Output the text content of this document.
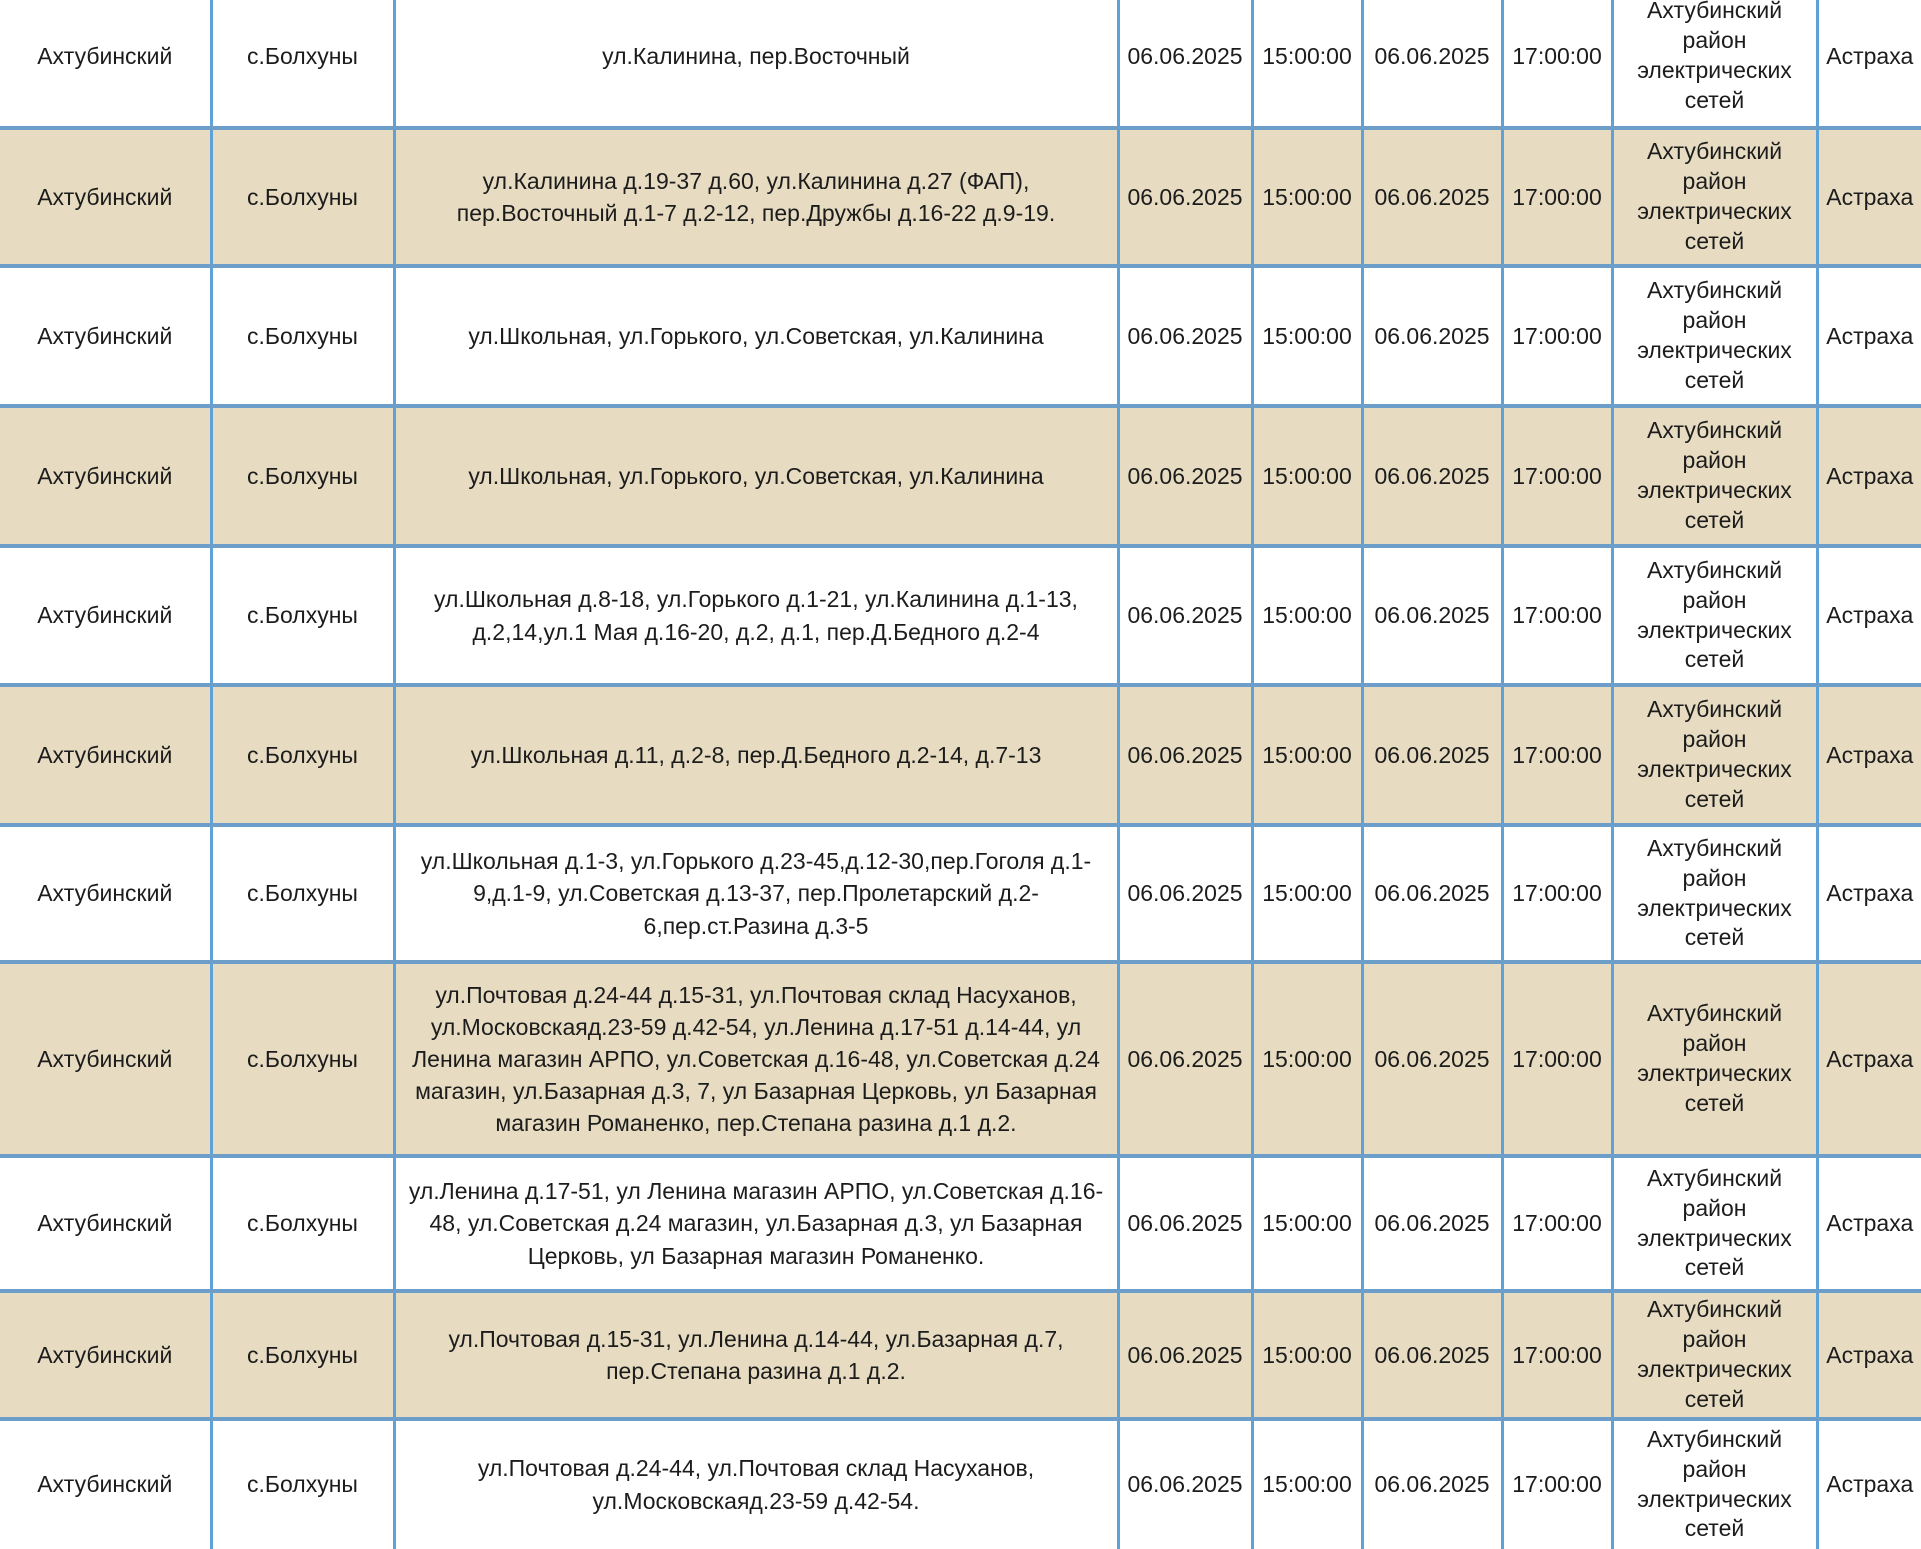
Ахтубинский	с.Болхуны	ул.Калинина, пер.Восточный	06.06.2025	15:00:00	06.06.2025	17:00:00	Ахтубинский район электрических сетей	Астраха
Ахтубинский	с.Болхуны	ул.Калинина д.19-37 д.60, ул.Калинина д.27 (ФАП), пер.Восточный д.1-7 д.2-12, пер.Дружбы д.16-22 д.9-19.	06.06.2025	15:00:00	06.06.2025	17:00:00	Ахтубинский район электрических сетей	Астраха
Ахтубинский	с.Болхуны	ул.Школьная, ул.Горького, ул.Советская, ул.Калинина	06.06.2025	15:00:00	06.06.2025	17:00:00	Ахтубинский район электрических сетей	Астраха
Ахтубинский	с.Болхуны	ул.Школьная, ул.Горького, ул.Советская, ул.Калинина	06.06.2025	15:00:00	06.06.2025	17:00:00	Ахтубинский район электрических сетей	Астраха
Ахтубинский	с.Болхуны	ул.Школьная д.8-18, ул.Горького д.1-21, ул.Калинина д.1-13, д.2,14,ул.1 Мая д.16-20, д.2, д.1, пер.Д.Бедного д.2-4	06.06.2025	15:00:00	06.06.2025	17:00:00	Ахтубинский район электрических сетей	Астраха
Ахтубинский	с.Болхуны	ул.Школьная д.11, д.2-8, пер.Д.Бедного д.2-14, д.7-13	06.06.2025	15:00:00	06.06.2025	17:00:00	Ахтубинский район электрических сетей	Астраха
Ахтубинский	с.Болхуны	ул.Школьная д.1-3, ул.Горького д.23-45,д.12-30,пер.Гоголя д.1-9,д.1-9, ул.Советская д.13-37, пер.Пролетарский д.2-6,пер.ст.Разина д.3-5	06.06.2025	15:00:00	06.06.2025	17:00:00	Ахтубинский район электрических сетей	Астраха
Ахтубинский	с.Болхуны	ул.Почтовая д.24-44 д.15-31, ул.Почтовая склад Насуханов, ул.Московскаяд.23-59 д.42-54, ул.Ленина д.17-51 д.14-44, ул Ленина магазин АРПО, ул.Советская д.16-48, ул.Советская д.24 магазин, ул.Базарная д.3, 7, ул Базарная Церковь, ул Базарная магазин Романенко, пер.Степана разина д.1 д.2.	06.06.2025	15:00:00	06.06.2025	17:00:00	Ахтубинский район электрических сетей	Астраха
Ахтубинский	с.Болхуны	ул.Ленина д.17-51, ул Ленина магазин АРПО, ул.Советская д.16-48, ул.Советская д.24 магазин, ул.Базарная д.3, ул Базарная Церковь, ул Базарная магазин Романенко.	06.06.2025	15:00:00	06.06.2025	17:00:00	Ахтубинский район электрических сетей	Астраха
Ахтубинский	с.Болхуны	ул.Почтовая д.15-31, ул.Ленина д.14-44, ул.Базарная д.7, пер.Степана разина д.1 д.2.	06.06.2025	15:00:00	06.06.2025	17:00:00	Ахтубинский район электрических сетей	Астраха
Ахтубинский	с.Болхуны	ул.Почтовая д.24-44, ул.Почтовая склад Насуханов, ул.Московскаяд.23-59 д.42-54.	06.06.2025	15:00:00	06.06.2025	17:00:00	Ахтубинский район электрических сетей	Астраха
